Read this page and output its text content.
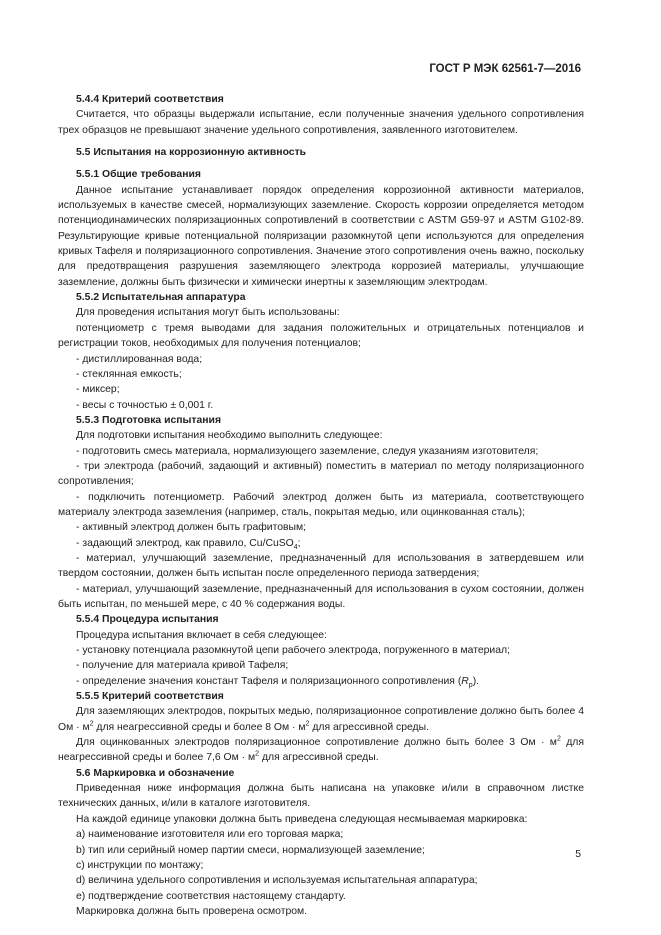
ГОСТ Р МЭК 62561-7—2016
5.4.4 Критерий соответствия
Считается, что образцы выдержали испытание, если полученные значения удельного сопротивления трех образцов не превышают значение удельного сопротивления, заявленного изготовителем.
5.5 Испытания на коррозионную активность
5.5.1 Общие требования
Данное испытание устанавливает порядок определения коррозионной активности материалов, используемых в качестве смесей, нормализующих заземление. Скорость коррозии определяется методом потенциодинамических поляризационных сопротивлений в соответствии с ASTM G59-97 и ASTM G102-89. Результирующие кривые потенциальной поляризации разомкнутой цепи используются для определения кривых Тафеля и поляризационного сопротивления. Значение этого сопротивления очень важно, поскольку для предотвращения разрушения заземляющего электрода коррозией материалы, улучшающие заземление, должны быть физически и химически инертны к заземляющим электродам.
5.5.2 Испытательная аппаратура
Для проведения испытания могут быть использованы:
потенциометр с тремя выводами для задания положительных и отрицательных потенциалов и регистрации токов, необходимых для получения потенциалов;
- дистиллированная вода;
- стеклянная емкость;
- миксер;
- весы с точностью ± 0,001 г.
5.5.3 Подготовка испытания
Для подготовки испытания необходимо выполнить следующее:
- подготовить смесь материала, нормализующего заземление, следуя указаниям изготовителя;
- три электрода (рабочий, задающий и активный) поместить в материал по методу поляризационного сопротивления;
- подключить потенциометр. Рабочий электрод должен быть из материала, соответствующего материалу электрода заземления (например, сталь, покрытая медью, или оцинкованная сталь);
- активный электрод должен быть графитовым;
- задающий электрод, как правило, Cu/CuSO$_4$;
- материал, улучшающий заземление, предназначенный для использования в затвердевшем или твердом состоянии, должен быть испытан после определенного периода затвердения;
- материал, улучшающий заземление, предназначенный для использования в сухом состоянии, должен быть испытан, по меньшей мере, с 40 % содержания воды.
5.5.4 Процедура испытания
Процедура испытания включает в себя следующее:
- установку потенциала разомкнутой цепи рабочего электрода, погруженного в материал;
- получение для материала кривой Тафеля;
- определение значения констант Тафеля и поляризационного сопротивления $(R_p)$.
5.5.5 Критерий соответствия
Для заземляющих электродов, покрытых медью, поляризационное сопротивление должно быть более 4 Ом · $м^2$ для неагрессивной среды и более 8 Ом · $м^2$ для агрессивной среды.
Для оцинкованных электродов поляризационное сопротивление должно быть более 3 Ом · $м^2$ для неагрессивной среды и более 7,6 Ом · $м^2$ для агрессивной среды.
5.6 Маркировка и обозначение
Приведенная ниже информация должна быть написана на упаковке и/или в справочном листке технических данных, и/или в каталоге изготовителя.
На каждой единице упаковки должна быть приведена следующая несмываемая маркировка:
a) наименование изготовителя или его торговая марка;
b) тип или серийный номер партии смеси, нормализующей заземление;
c) инструкции по монтажу;
d) величина удельного сопротивления и используемая испытательная аппаратура;
e) подтверждение соответствия настоящему стандарту.
Маркировка должна быть проверена осмотром.
5
